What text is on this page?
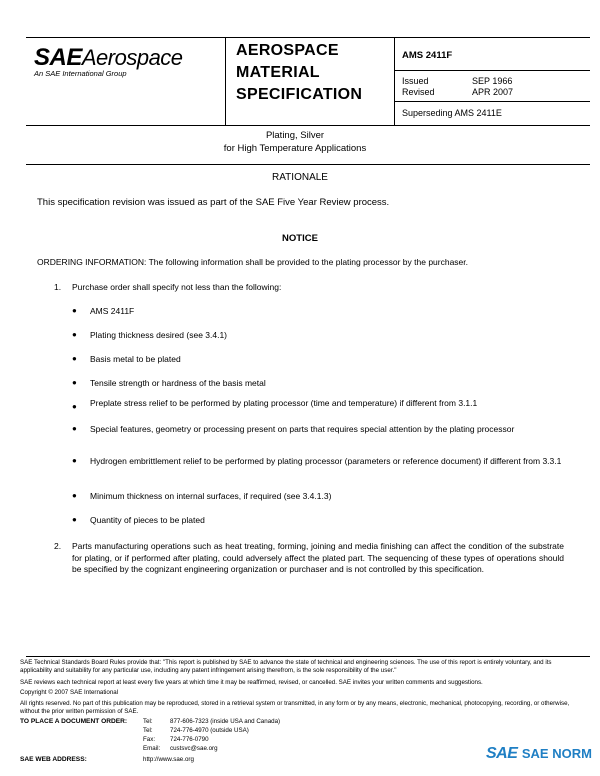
SAEAerospace
An SAE International Group
AEROSPACE
MATERIAL
SPECIFICATION
AMS 2411F
Issued	SEP 1966
Revised	APR 2007
Superseding AMS 2411E
Plating, Silver
for High Temperature Applications
RATIONALE
This specification revision was issued as part of the SAE Five Year Review process.
NOTICE
ORDERING INFORMATION: The following information shall be provided to the plating processor by the purchaser.
1. Purchase order shall specify not less than the following:
● AMS 2411F
● Plating thickness desired (see 3.4.1)
● Basis metal to be plated
● Tensile strength or hardness of the basis metal
● Preplate stress relief to be performed by plating processor (time and temperature) if different from 3.1.1
● Special features, geometry or processing present on parts that requires special attention by the plating processor
● Hydrogen embrittlement relief to be performed by plating processor (parameters or reference document) if different from 3.3.1
● Minimum thickness on internal surfaces, if required (see 3.4.1.3)
● Quantity of pieces to be plated
2. Parts manufacturing operations such as heat treating, forming, joining and media finishing can affect the condition of the substrate for plating, or if performed after plating, could adversely affect the plated part. The sequencing of these types of operations should be specified by the cognizant engineering organization or purchaser and is not controlled by this specification.
SAE Technical Standards Board Rules provide that: "This report is published by SAE to advance the state of technical and engineering sciences. The use of this report is entirely voluntary, and its applicability and suitability for any particular use, including any patent infringement arising therefrom, is the sole responsibility of the user."
SAE reviews each technical report at least every five years at which time it may be reaffirmed, revised, or cancelled. SAE invites your written comments and suggestions.
Copyright © 2007 SAE International
All rights reserved. No part of this publication may be reproduced, stored in a retrieval system or transmitted, in any form or by any means, electronic, mechanical, photocopying, recording, or otherwise, without the prior written permission of SAE.
TO PLACE A DOCUMENT ORDER:	Tel:	877-606-7323 (inside USA and Canada)
Tel:	724-776-4970 (outside USA)
Fax: 724-776-0790
Email: custsvc@sae.org
SAE WEB ADDRESS:	http://www.sae.org	SAE SAE NORM
